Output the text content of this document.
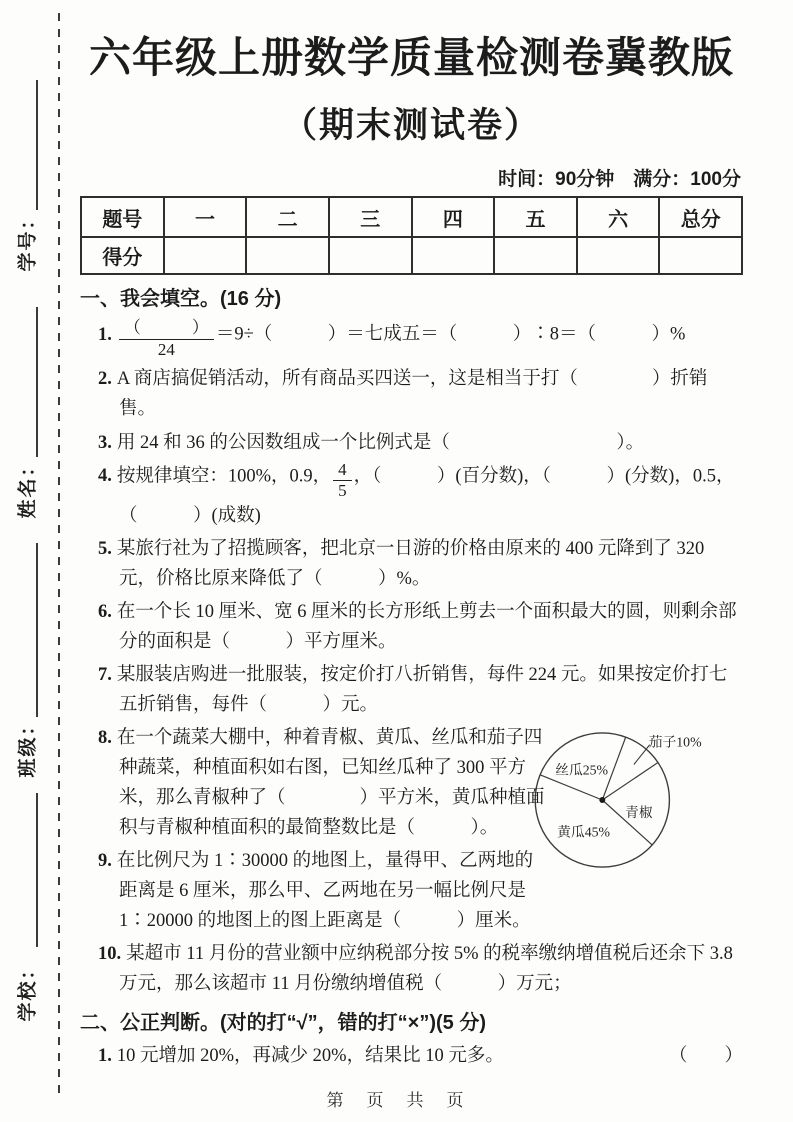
学号：
姓名：
班级：
学校：
六年级上册数学质量检测卷冀教版
（期末测试卷）
时间：90分钟　满分：100分
题号	一	二	三	四	五	六	总分
得分							
一、我会填空。(16 分)
1. $\frac{( )}{24} =9\div$（　　　）＝七成五＝（　　　）∶8＝（　　　）%
2. A 商店搞促销活动，所有商品买四送一，这是相当于打（　　　　）折销售。
3. 用 24 和 36 的公因数组成一个比例式是（　　　　　　　　　）。
4. 按规律填空：100%，0.9， $\frac{4}{5}$ ，（　　　）(百分数)，（　　　）(分数)，0.5，（　　　）(成数)
5. 某旅行社为了招揽顾客，把北京一日游的价格由原来的 400 元降到了 320 元，价格比原来降低了（　　　）%。
6. 在一个长 10 厘米、宽 6 厘米的长方形纸上剪去一个面积最大的圆，则剩余部分的面积是（　　　）平方厘米。
7. 某服装店购进一批服装，按定价打八折销售，每件 224 元。如果按定价打七五折销售，每件（　　　）元。
茄子10%
丝瓜25%
青椒
黄瓜45%
8. 在一个蔬菜大棚中，种着青椒、黄瓜、丝瓜和茄子四种蔬菜，种植面积如右图，已知丝瓜种了 300 平方米，那么青椒种了（　　　　）平方米，黄瓜种植面积与青椒种植面积的最简整数比是（　　　）。
9. 在比例尺为 1∶30000 的地图上，量得甲、乙两地的距离是 6 厘米，那么甲、乙两地在另一幅比例尺是 1∶20000 的地图上的图上距离是（　　　）厘米。
10. 某超市 11 月份的营业额中应纳税部分按 5% 的税率缴纳增值税后还余下 3.8 万元，那么该超市 11 月份缴纳增值税（　　　）万元；
二、公正判断。(对的打“√”，错的打“×”)(5 分)
1. 10 元增加 20%，再减少 20%，结果比 10 元多。	（　　）
第　页　共　页
